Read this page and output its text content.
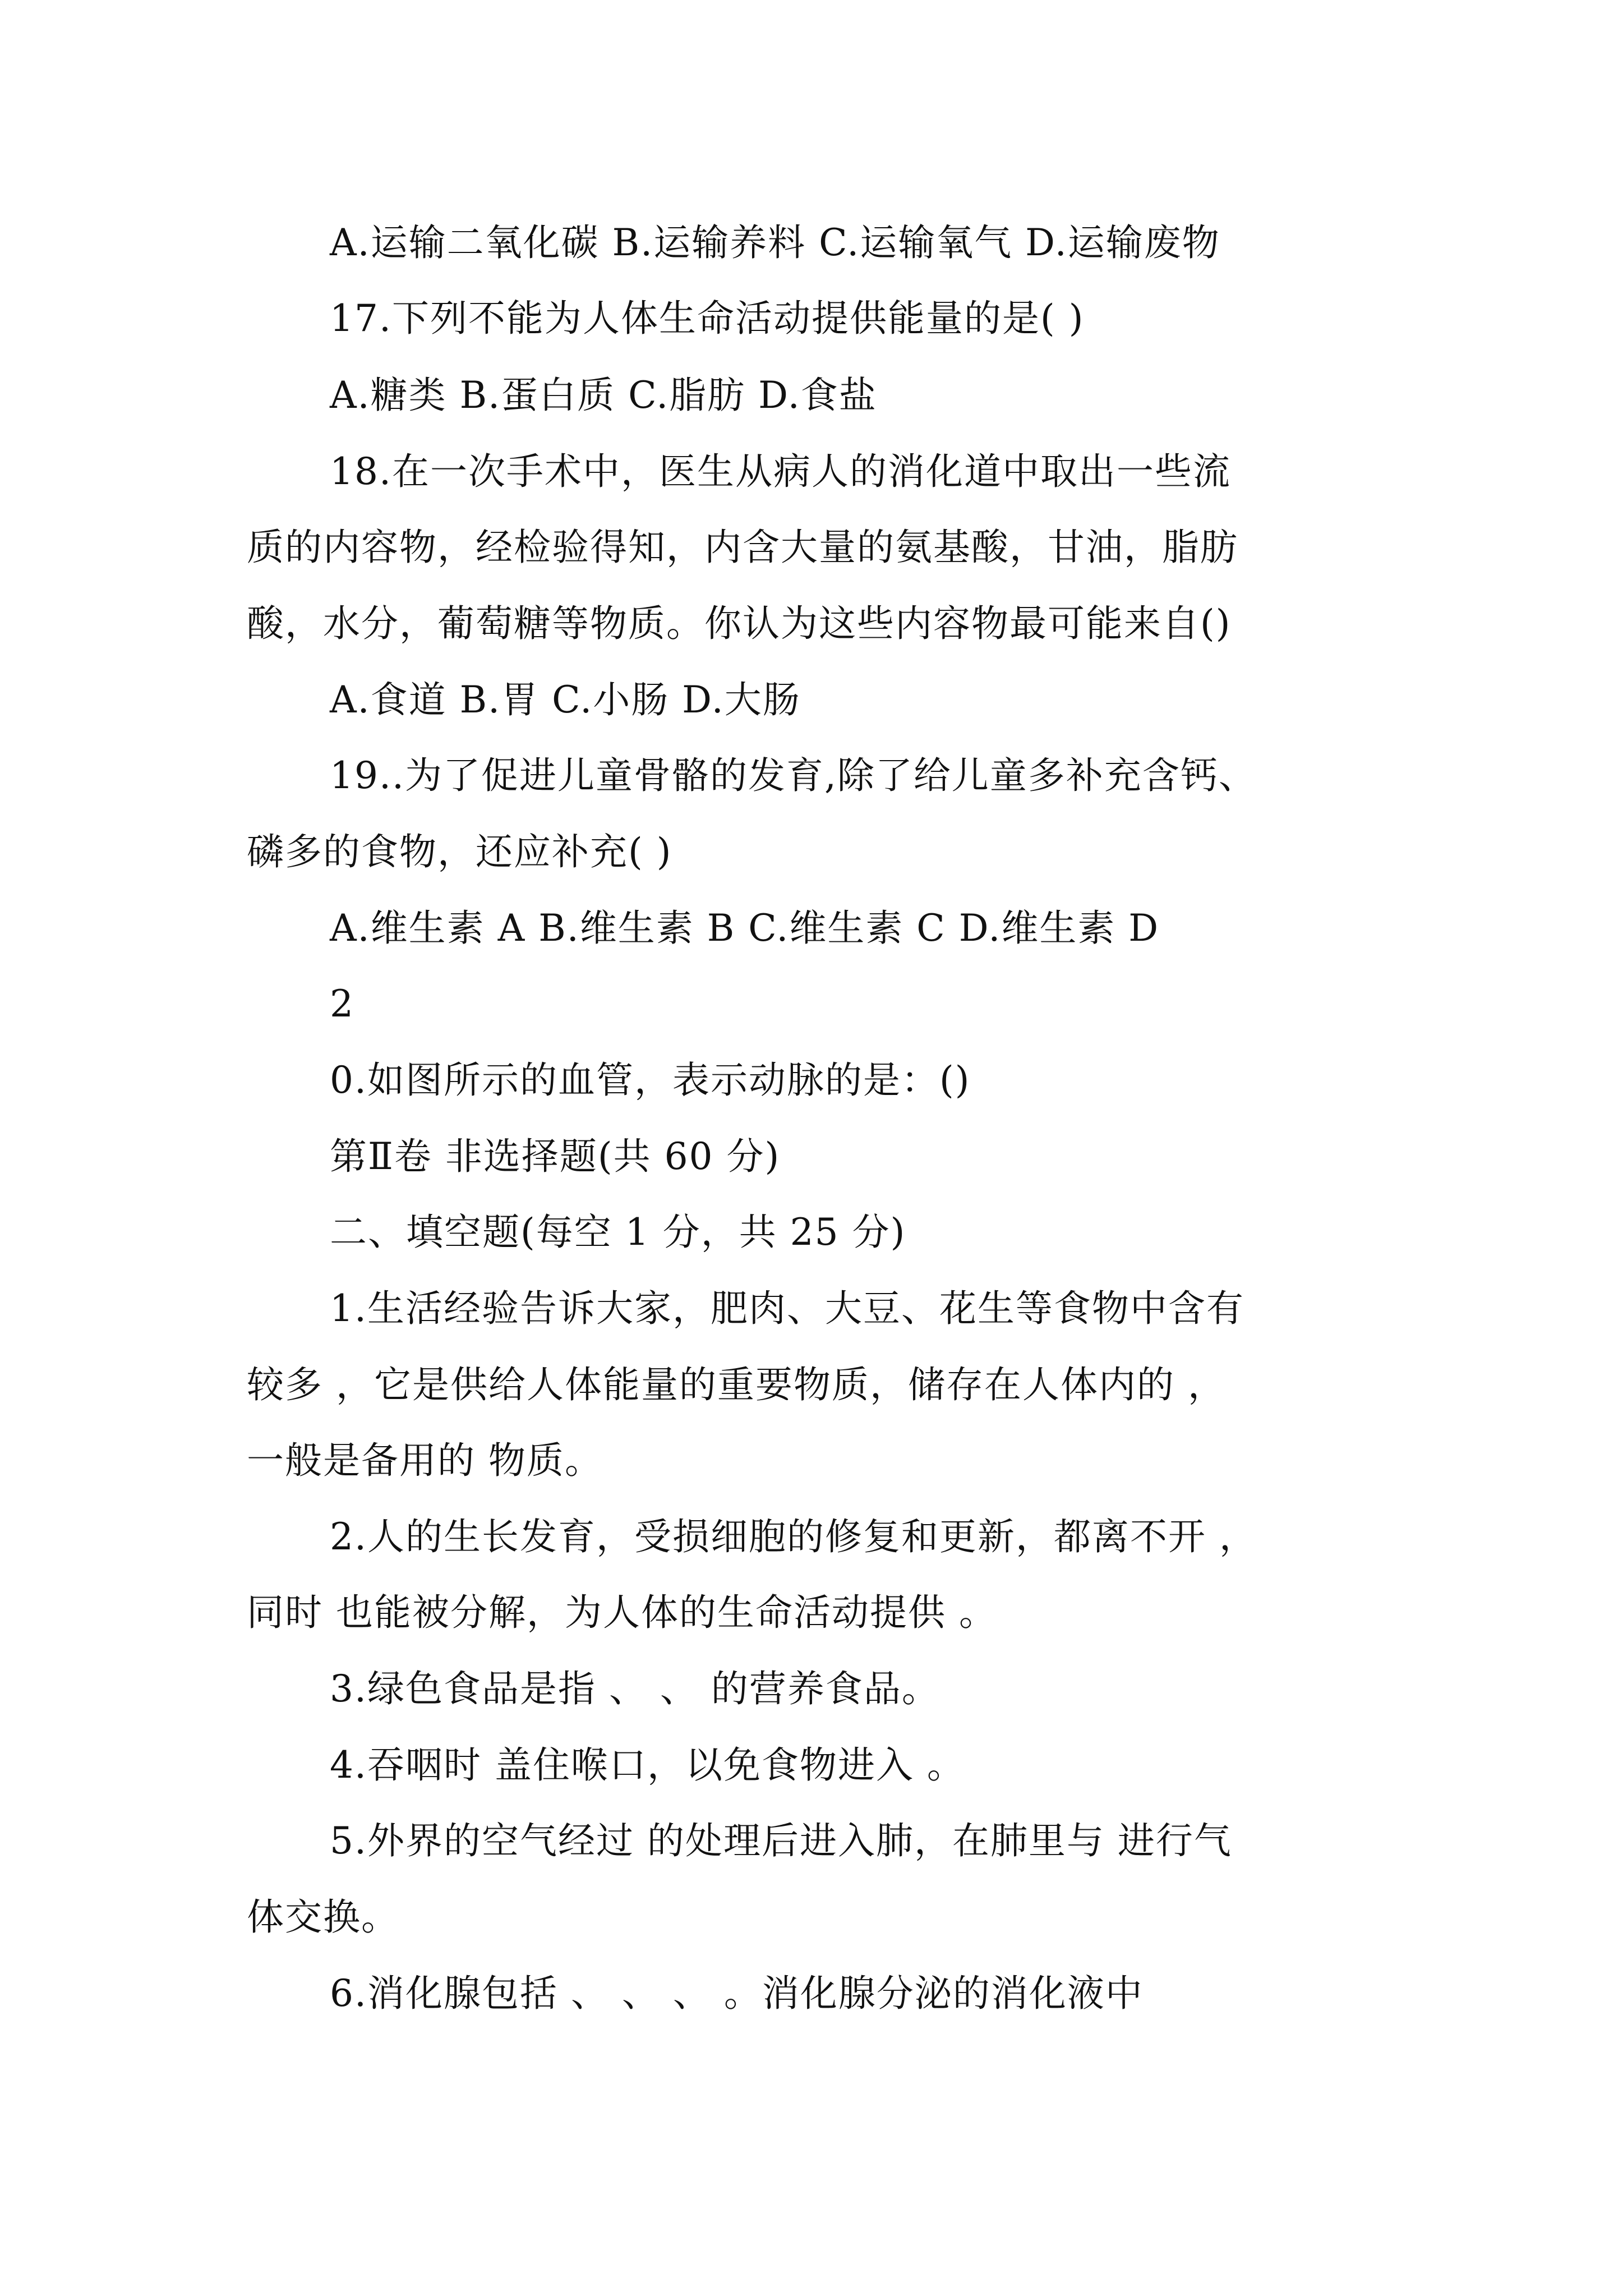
A.运输二氧化碳 B.运输养料 C.运输氧气 D.运输废物
17.下列不能为人体生命活动提供能量的是( )
A.糖类 B.蛋白质 C.脂肪 D.食盐
18.在一次手术中，医生从病人的消化道中取出一些流
质的内容物，经检验得知，内含大量的氨基酸，甘油，脂肪
酸，水分，葡萄糖等物质。你认为这些内容物最可能来自()
A.食道 B.胃 C.小肠 D.大肠
19..为了促进儿童骨骼的发育,除了给儿童多补充含钙、
磷多的食物，还应补充( )
A.维生素 A B.维生素 B C.维生素 C D.维生素 D
2
0.如图所示的血管，表示动脉的是：()
第Ⅱ卷 非选择题(共 60 分)
二、填空题(每空 1 分，共 25 分)
1.生活经验告诉大家，肥肉、大豆、花生等食物中含有
较多 ，它是供给人体能量的重要物质，储存在人体内的 ，
一般是备用的 物质。
2.人的生长发育，受损细胞的修复和更新，都离不开 ，
同时 也能被分解，为人体的生命活动提供 。
3.绿色食品是指 、 、 的营养食品。
4.吞咽时 盖住喉口，以免食物进入 。
5.外界的空气经过 的处理后进入肺，在肺里与 进行气
体交换。
6.消化腺包括 、 、 、 。消化腺分泌的消化液中
